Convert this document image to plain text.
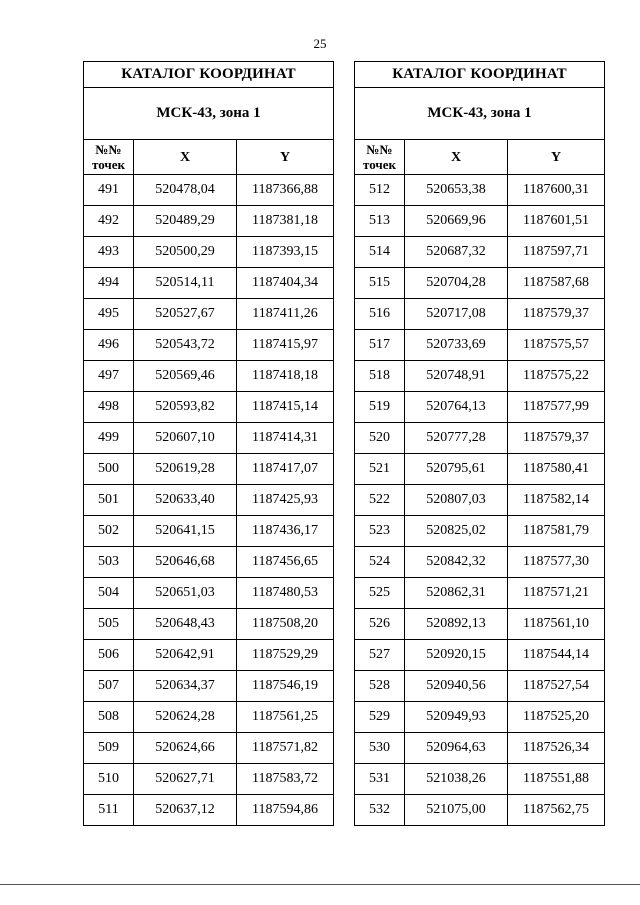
25
КАТАЛОГ КООРДИНАТ		
МСК-43, зона 1		

№№
точек	X	Y
491	520478,04	1187366,88
492	520489,29	1187381,18
493	520500,29	1187393,15
494	520514,11	1187404,34
495	520527,67	1187411,26
496	520543,72	1187415,97
497	520569,46	1187418,18
498	520593,82	1187415,14
499	520607,10	1187414,31
500	520619,28	1187417,07
501	520633,40	1187425,93
502	520641,15	1187436,17
503	520646,68	1187456,65
504	520651,03	1187480,53
505	520648,43	1187508,20
506	520642,91	1187529,29
507	520634,37	1187546,19
508	520624,28	1187561,25
509	520624,66	1187571,82
510	520627,71	1187583,72
511	520637,12	1187594,86
КАТАЛОГ КООРДИНАТ		
МСК-43, зона 1		

№№
точек	X	Y
512	520653,38	1187600,31
513	520669,96	1187601,51
514	520687,32	1187597,71
515	520704,28	1187587,68
516	520717,08	1187579,37
517	520733,69	1187575,57
518	520748,91	1187575,22
519	520764,13	1187577,99
520	520777,28	1187579,37
521	520795,61	1187580,41
522	520807,03	1187582,14
523	520825,02	1187581,79
524	520842,32	1187577,30
525	520862,31	1187571,21
526	520892,13	1187561,10
527	520920,15	1187544,14
528	520940,56	1187527,54
529	520949,93	1187525,20
530	520964,63	1187526,34
531	521038,26	1187551,88
532	521075,00	1187562,75
